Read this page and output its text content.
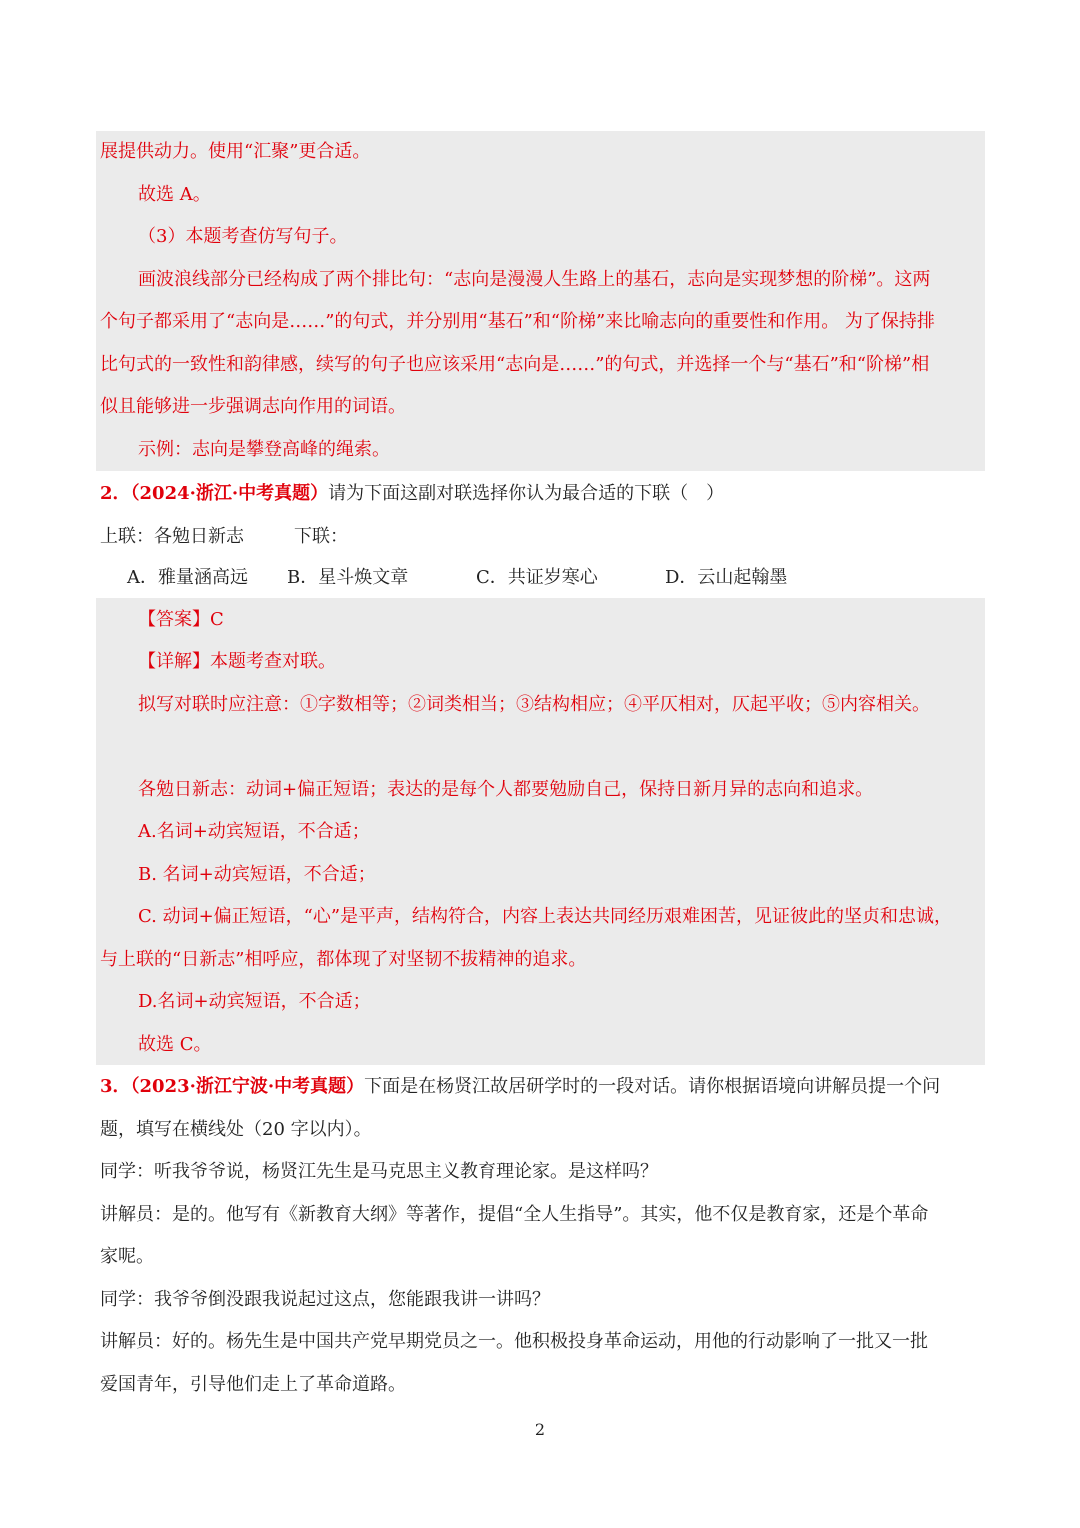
展提供动力。使用“汇聚”更合适。
故选 A。
（3）本题考查仿写句子。
画波浪线部分已经构成了两个排比句：“志向是漫漫人生路上的基石，志向是实现梦想的阶梯”。这两
个句子都采用了“志向是……”的句式，并分别用“基石”和“阶梯”来比喻志向的重要性和作用。 为了保持排
比句式的一致性和韵律感，续写的句子也应该采用“志向是……”的句式，并选择一个与“基石”和“阶梯”相
似且能够进一步强调志向作用的词语。
示例：志向是攀登高峰的绳索。
2．（2024·浙江·中考真题）请为下面这副对联选择你认为最合适的下联（　）
上联：各勉日新志	下联：
A．雅量涵高远 B．星斗焕文章	C．共证岁寒心	D．云山起翰墨
【答案】C
【详解】本题考查对联。
拟写对联时应注意：①字数相等；②词类相当；③结构相应；④平仄相对，仄起平收；⑤内容相关。
各勉日新志：动词+偏正短语；表达的是每个人都要勉励自己，保持日新月异的志向和追求。
A.名词+动宾短语，不合适；
B. 名词+动宾短语，不合适；
C. 动词+偏正短语，“心”是平声，结构符合，内容上表达共同经历艰难困苦，见证彼此的坚贞和忠诚，
与上联的“日新志”相呼应，都体现了对坚韧不拔精神的追求。
D.名词+动宾短语，不合适；
故选 C。
3．（2023·浙江宁波·中考真题）下面是在杨贤江故居研学时的一段对话。请你根据语境向讲解员提一个问
题，填写在横线处（20 字以内）。
同学：听我爷爷说，杨贤江先生是马克思主义教育理论家。是这样吗？
讲解员：是的。他写有《新教育大纲》等著作，提倡“全人生指导”。其实，他不仅是教育家，还是个革命
家呢。
同学：我爷爷倒没跟我说起过这点，您能跟我讲一讲吗？
讲解员：好的。杨先生是中国共产党早期党员之一。他积极投身革命运动，用他的行动影响了一批又一批
爱国青年，引导他们走上了革命道路。
2
